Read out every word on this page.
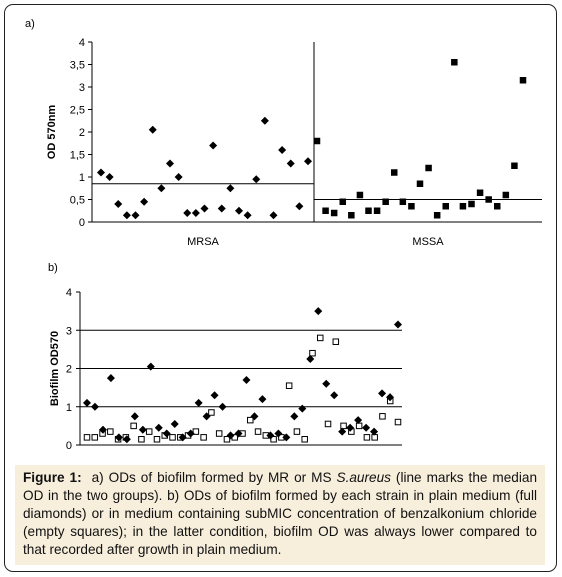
a)
0
0,5
1
1,5
2
2,5
3
3,5
4
OD 570nm
MRSA	MSSA
b)
0
1
2
3
4
Biofilm OD570
Figure 1: a) ODs of biofilm formed by MR or MS S.aureus (line marks the median OD in the two groups). b) ODs of biofilm formed by each strain in plain medium (full diamonds) or in medium containing subMIC concentration of benzalkonium chloride (empty squares); in the latter condition, biofilm OD was always lower compared to that recorded after growth in plain medium.
